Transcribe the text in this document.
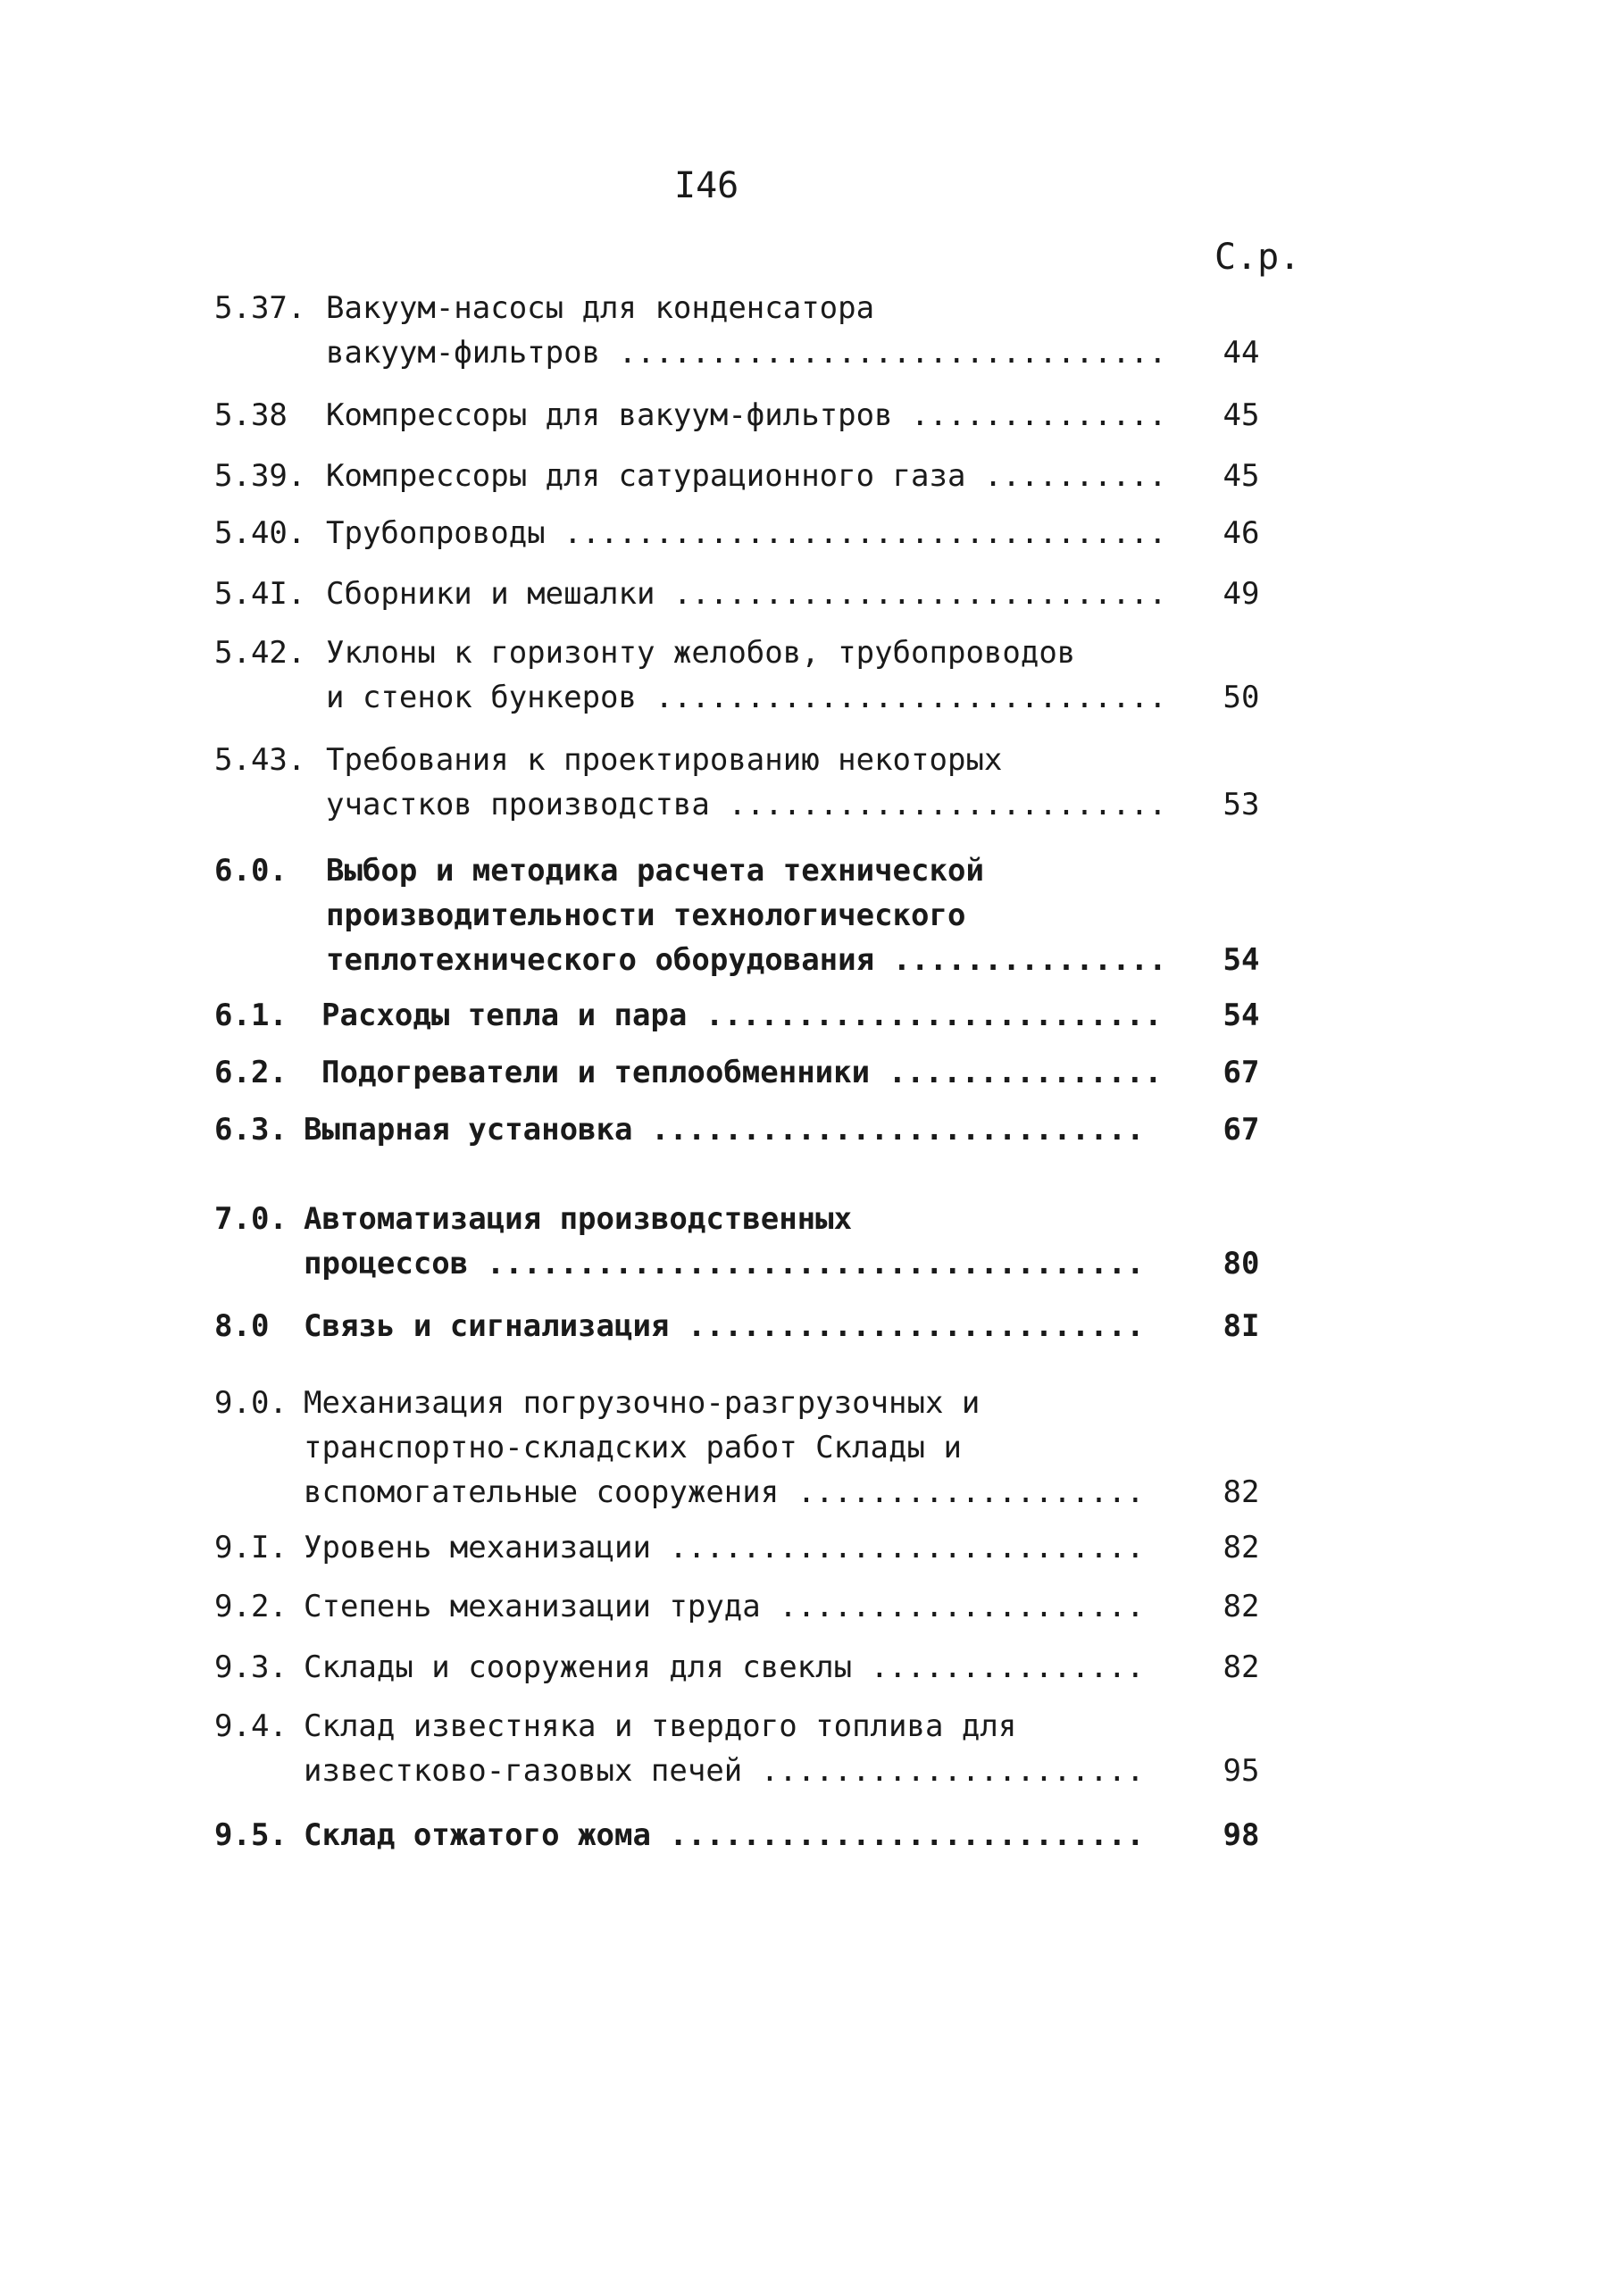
I46
С.р.
5.37. Вакуум-насосы для конденсатора
вакуум-фильтров .....	44
5.38 Компрессоры для вакуум-фильтров .....	45
5.39. Компрессоры для сатурационного газа .....	45
5.40. Трубопроводы .....	46
5.4I. Сборники и мешалки .....	49
5.42. Уклоны к горизонту желобов, трубопроводов
и стенок бункеров .....	50
5.43. Требования к проектированию некоторых
участков производства .....	53
6.0. Выбор и методика расчета технической
производительности технологического
теплотехнического оборудования .....	54
6.1. Расходы тепла и пара .....	54
6.2. Подогреватели и теплообменники .....	67
6.3. Выпарная установка .....	67
7.0. Автоматизация производственных
процессов .....	80
8.0 Связь и сигнализация .....	8I
9.0. Механизация погрузочно-разгрузочных и
транспортно-складских работ Склады и
вспомогательные сооружения .....	82
9.I. Уровень механизации .....	82
9.2. Степень механизации труда .....	82
9.3. Склады и сооружения для свеклы .....	82
9.4. Склад известняка и твердого топлива для
известково-газовых печей .....	95
9.5. Склад отжатого жома .....	98
